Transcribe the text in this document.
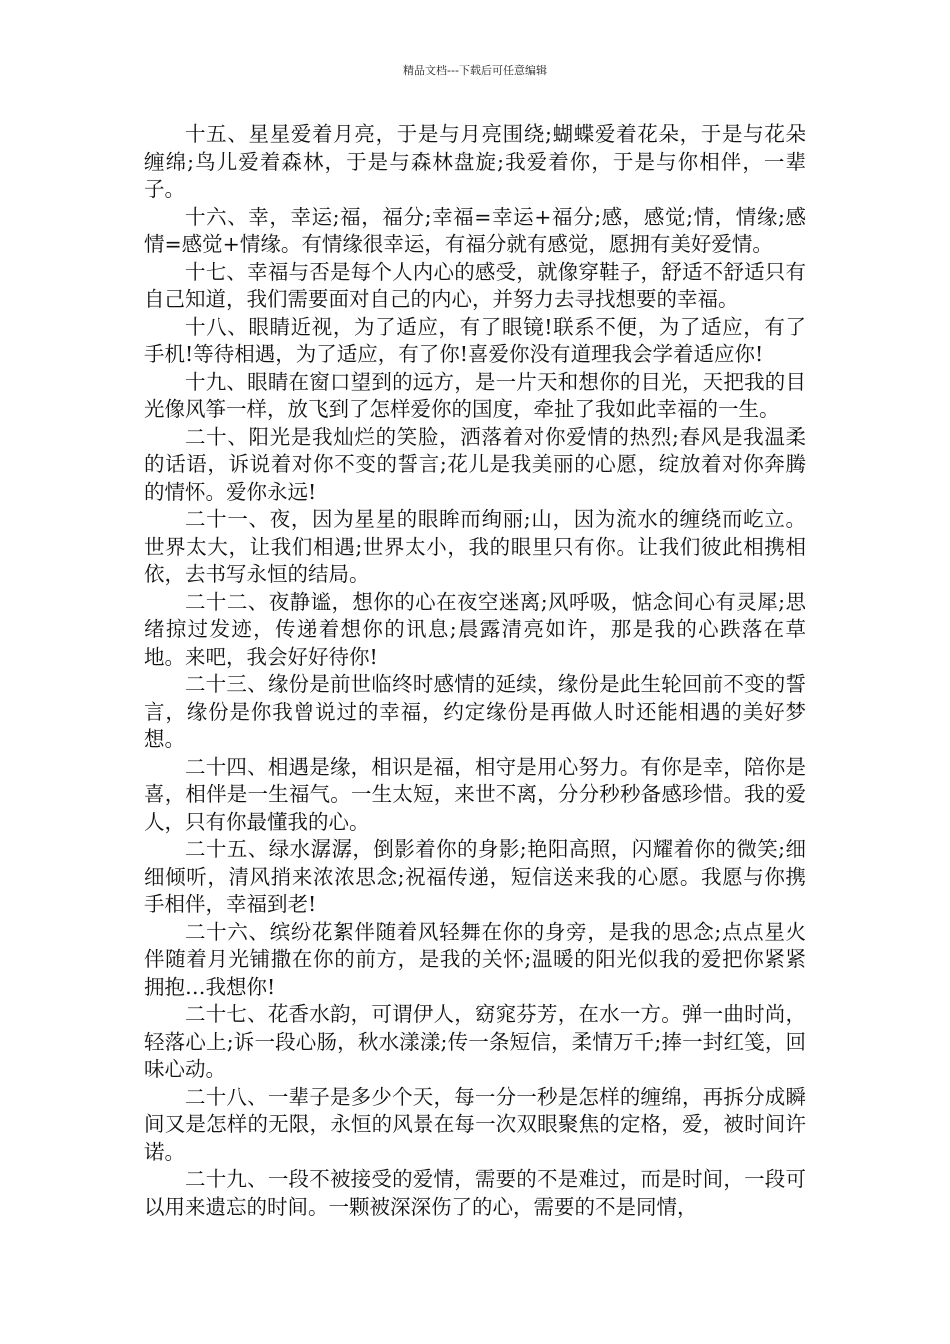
精品文档---下载后可任意编辑

十五、星星爱着月亮，于是与月亮围绕;蝴蝶爱着花朵，于是与花朵缠绵;鸟儿爱着森林，于是与森林盘旋;我爱着你，于是与你相伴，一辈子。

十六、幸，幸运;福，福分;幸福=幸运+福分;感，感觉;情，情缘;感情=感觉+情缘。有情缘很幸运，有福分就有感觉，愿拥有美好爱情。

十七、幸福与否是每个人内心的感受，就像穿鞋子，舒适不舒适只有自己知道，我们需要面对自己的内心，并努力去寻找想要的幸福。

十八、眼睛近视，为了适应，有了眼镜!联系不便，为了适应，有了手机!等待相遇，为了适应，有了你!喜爱你没有道理我会学着适应你!

十九、眼睛在窗口望到的远方，是一片天和想你的目光，天把我的目光像风筝一样，放飞到了怎样爱你的国度，牵扯了我如此幸福的一生。

二十、阳光是我灿烂的笑脸，洒落着对你爱情的热烈;春风是我温柔的话语，诉说着对你不变的誓言;花儿是我美丽的心愿，绽放着对你奔腾的情怀。爱你永远!

二十一、夜，因为星星的眼眸而绚丽;山，因为流水的缠绕而屹立。世界太大，让我们相遇;世界太小，我的眼里只有你。让我们彼此相携相依，去书写永恒的结局。

二十二、夜静谧，想你的心在夜空迷离;风呼吸，惦念间心有灵犀;思绪掠过发迹，传递着想你的讯息;晨露清亮如许，那是我的心跌落在草地。来吧，我会好好待你!

二十三、缘份是前世临终时感情的延续，缘份是此生轮回前不变的誓言，缘份是你我曾说过的幸福，约定缘份是再做人时还能相遇的美好梦想。

二十四、相遇是缘，相识是福，相守是用心努力。有你是幸，陪你是喜，相伴是一生福气。一生太短，来世不离，分分秒秒备感珍惜。我的爱人，只有你最懂我的心。

二十五、绿水潺潺，倒影着你的身影;艳阳高照，闪耀着你的微笑;细细倾听，清风捎来浓浓思念;祝福传递，短信送来我的心愿。我愿与你携手相伴，幸福到老!

二十六、缤纷花絮伴随着风轻舞在你的身旁，是我的思念;点点星火伴随着月光铺撒在你的前方，是我的关怀;温暖的阳光似我的爱把你紧紧拥抱…我想你!

二十七、花香水韵，可谓伊人，窈窕芬芳，在水一方。弹一曲时尚，轻落心上;诉一段心肠，秋水漾漾;传一条短信，柔情万千;捧一封红笺，回味心动。

二十八、一辈子是多少个天，每一分一秒是怎样的缠绵，再拆分成瞬间又是怎样的无限，永恒的风景在每一次双眼聚焦的定格，爱，被时间许诺。

二十九、一段不被接受的爱情，需要的不是难过，而是时间，一段可以用来遗忘的时间。一颗被深深伤了的心，需要的不是同情，
